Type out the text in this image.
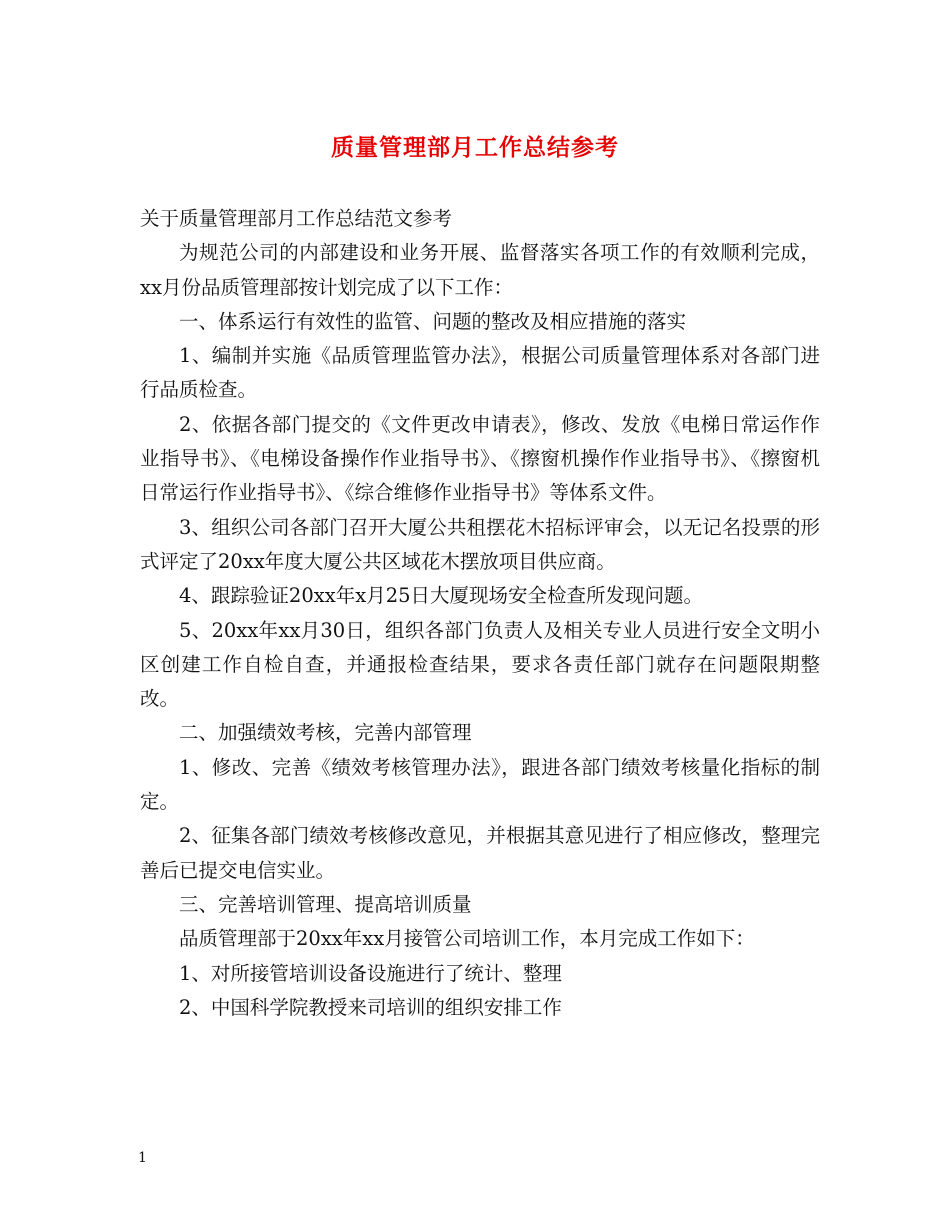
质量管理部月工作总结参考

关于质量管理部月工作总结范文参考

为规范公司的内部建设和业务开展、监督落实各项工作的有效顺利完成，xx月份品质管理部按计划完成了以下工作：

一、体系运行有效性的监管、问题的整改及相应措施的落实

1、编制并实施《品质管理监管办法》，根据公司质量管理体系对各部门进行品质检查。

2、依据各部门提交的《文件更改申请表》，修改、发放《电梯日常运作作业指导书》、《电梯设备操作作业指导书》、《擦窗机操作作业指导书》、《擦窗机日常运行作业指导书》、《综合维修作业指导书》等体系文件。

3、组织公司各部门召开大厦公共租摆花木招标评审会，以无记名投票的形式评定了20xx年度大厦公共区域花木摆放项目供应商。

4、跟踪验证20xx年x月25日大厦现场安全检查所发现问题。

5、20xx年xx月30日，组织各部门负责人及相关专业人员进行安全文明小区创建工作自检自查，并通报检查结果，要求各责任部门就存在问题限期整改。

二、加强绩效考核，完善内部管理

1、修改、完善《绩效考核管理办法》，跟进各部门绩效考核量化指标的制定。

2、征集各部门绩效考核修改意见，并根据其意见进行了相应修改，整理完善后已提交电信实业。

三、完善培训管理、提高培训质量

品质管理部于20xx年xx月接管公司培训工作，本月完成工作如下：

1、对所接管培训设备设施进行了统计、整理

2、中国科学院教授来司培训的组织安排工作

1
